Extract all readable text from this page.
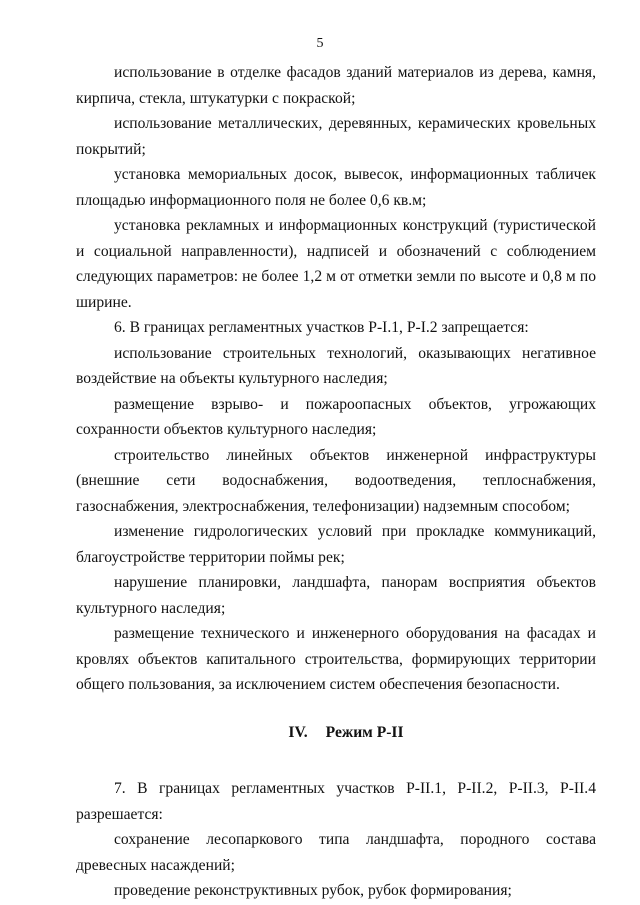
5

использование в отделке фасадов зданий материалов из дерева, камня, кирпича, стекла, штукатурки с покраской;

использование металлических, деревянных, керамических кровельных покрытий;

установка мемориальных досок, вывесок, информационных табличек площадью информационного поля не более 0,6 кв.м;

установка рекламных и информационных конструкций (туристической и социальной направленности), надписей и обозначений с соблюдением следующих параметров: не более 1,2 м от отметки земли по высоте и 0,8 м по ширине.

6. В границах регламентных участков Р-I.1, Р-I.2 запрещается:

использование строительных технологий, оказывающих негативное воздействие на объекты культурного наследия;

размещение взрыво- и пожароопасных объектов, угрожающих сохранности объектов культурного наследия;

строительство линейных объектов инженерной инфраструктуры (внешние сети водоснабжения, водоотведения, теплоснабжения, газоснабжения, электроснабжения, телефонизации) надземным способом;

изменение гидрологических условий при прокладке коммуникаций, благоустройстве территории поймы рек;

нарушение планировки, ландшафта, панорам восприятия объектов культурного наследия;

размещение технического и инженерного оборудования на фасадах и кровлях объектов капитального строительства, формирующих территории общего пользования, за исключением систем обеспечения безопасности.

IV. Режим Р-II

7. В границах регламентных участков Р-II.1, Р-II.2, Р-II.3, Р-II.4 разрешается:

сохранение лесопаркового типа ландшафта, породного состава древесных насаждений;

проведение реконструктивных рубок, рубок формирования;
